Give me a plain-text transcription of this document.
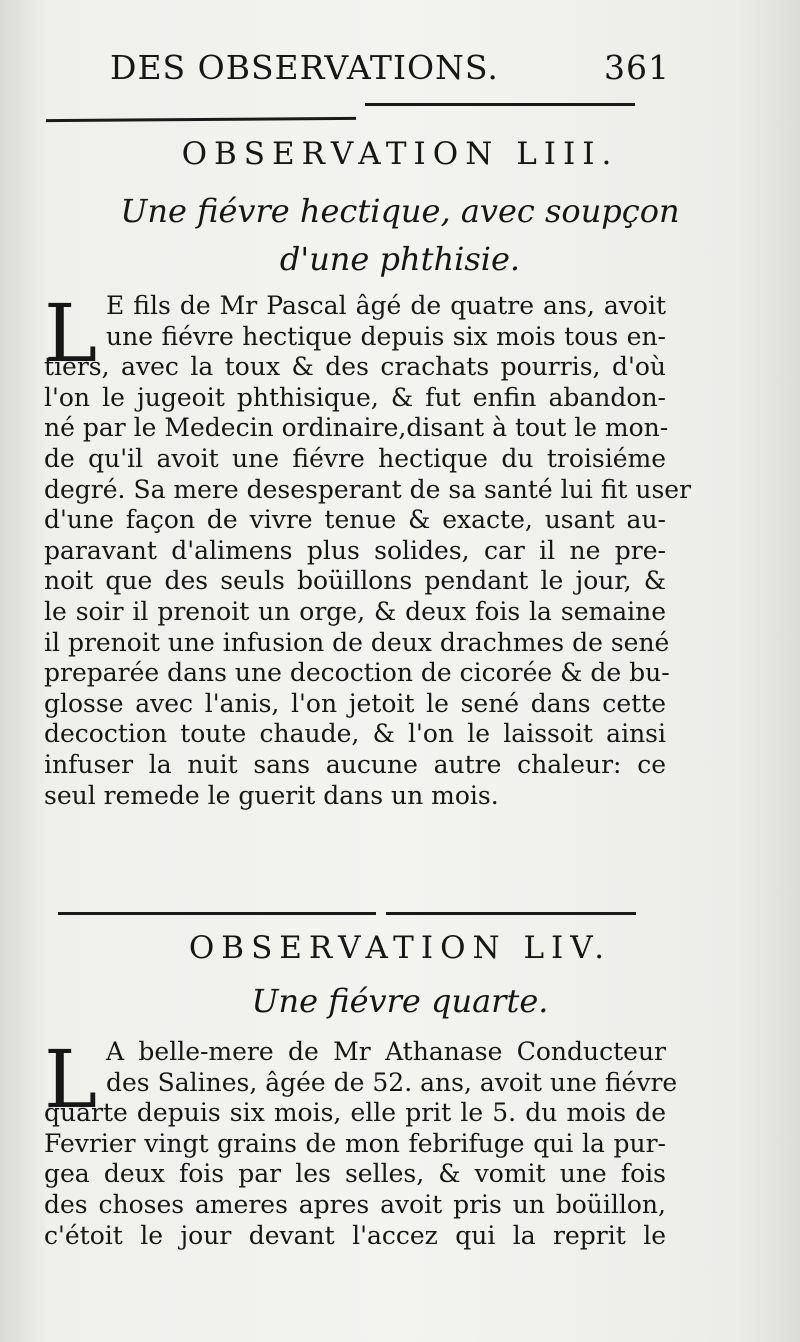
DES OBSERVATIONS.	361
OBSERVATION LIII.
Une fiévre hectique, avec soupçon
d'une phthisie.
L E fils de Mr Pascal âgé de quatre ans, avoit
une fiévre hectique depuis six mois tous en-
tiers, avec la toux & des crachats pourris, d'où
l'on le jugeoit phthisique, & fut enfin abandon-
né par le Medecin ordinaire,disant à tout le mon-
de qu'il avoit une fiévre hectique du troisiéme
degré. Sa mere desesperant de sa santé lui fit user
d'une façon de vivre tenue & exacte, usant au-
paravant d'alimens plus solides, car il ne pre-
noit que des seuls boüillons pendant le jour, &
le soir il prenoit un orge, & deux fois la semaine
il prenoit une infusion de deux drachmes de sené
preparée dans une decoction de cicorée & de bu-
glosse avec l'anis, l'on jetoit le sené dans cette
decoction toute chaude, & l'on le laissoit ainsi
infuser la nuit sans aucune autre chaleur: ce
seul remede le guerit dans un mois.
OBSERVATION LIV.
Une fiévre quarte.
L A belle-mere de Mr Athanase Conducteur
des Salines, âgée de 52. ans, avoit une fiévre
quarte depuis six mois, elle prit le 5. du mois de
Fevrier vingt grains de mon febrifuge qui la pur-
gea deux fois par les selles, & vomit une fois
des choses ameres apres avoit pris un boüillon,
c'étoit le jour devant l'accez qui la reprit le
